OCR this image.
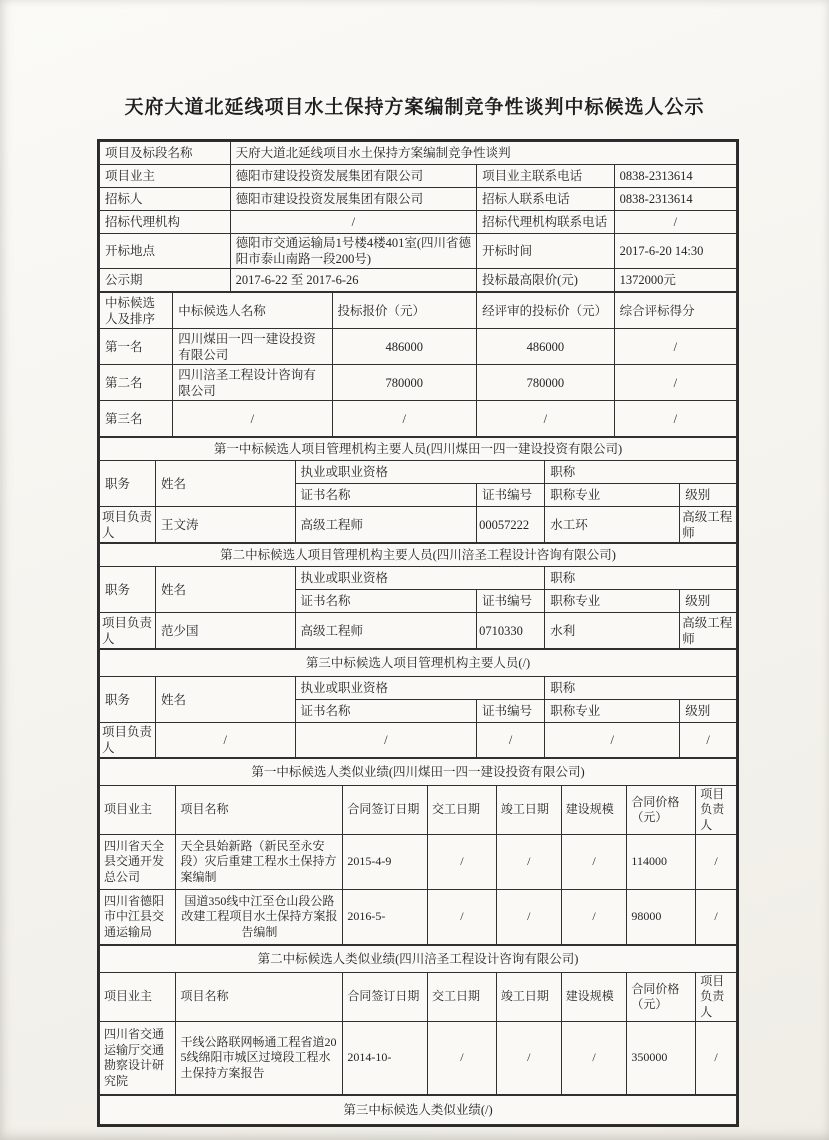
天府大道北延线项目水土保持方案编制竞争性谈判中标候选人公示
项目及标段名称	天府大道北延线项目水土保持方案编制竞争性谈判		
项目业主	德阳市建设投资发展集团有限公司	项目业主联系电话	0838-2313614
招标人	德阳市建设投资发展集团有限公司	招标人联系电话	0838-2313614
招标代理机构	/	招标代理机构联系电话	/
开标地点	德阳市交通运输局1号楼4楼401室(四川省德阳市泰山南路一段200号)	开标时间	2017-6-20 14:30
公示期	2017-6-22 至 2017-6-26	投标最高限价(元)	1372000元
中标候选人及排序	中标候选人名称	投标报价（元）	经评审的投标价（元）	综合评标得分
第一名	四川煤田一四一建设投资有限公司	486000	486000	/
第二名	四川涪圣工程设计咨询有限公司	780000	780000	/
第三名	/	/	/	/
第一中标候选人项目管理机构主要人员(四川煤田一四一建设投资有限公司)					
职务	姓名	执业或职业资格		职称	
		证书名称	证书编号	职称专业	级别
项目负责人	王文涛	高级工程师	00057222	水工环	高级工程师
第二中标候选人项目管理机构主要人员(四川涪圣工程设计咨询有限公司)					
职务	姓名	执业或职业资格		职称	
		证书名称	证书编号	职称专业	级别
项目负责人	范少国	高级工程师	0710330	水利	高级工程师
第三中标候选人项目管理机构主要人员(/)					
职务	姓名	执业或职业资格		职称	
		证书名称	证书编号	职称专业	级别
项目负责人	/	/	/	/	/
第一中标候选人类似业绩(四川煤田一四一建设投资有限公司)							
项目业主	项目名称	合同签订日期	交工日期	竣工日期	建设规模	合同价格（元）	项目负责人
四川省天全县交通开发总公司	天全县始新路（新民至永安段）灾后重建工程水土保持方案编制	2015-4-9	/	/	/	114000	/
四川省德阳市中江县交通运输局	国道350线中江至仓山段公路改建工程项目水土保持方案报告编制	2016-5-	/	/	/	98000	/
第二中标候选人类似业绩(四川涪圣工程设计咨询有限公司)							
项目业主	项目名称	合同签订日期	交工日期	竣工日期	建设规模	合同价格（元）	项目负责人
四川省交通运输厅交通勘察设计研究院	干线公路联网畅通工程省道205线绵阳市城区过境段工程水土保持方案报告	2014-10-	/	/	/	350000	/
第三中标候选人类似业绩(/)
